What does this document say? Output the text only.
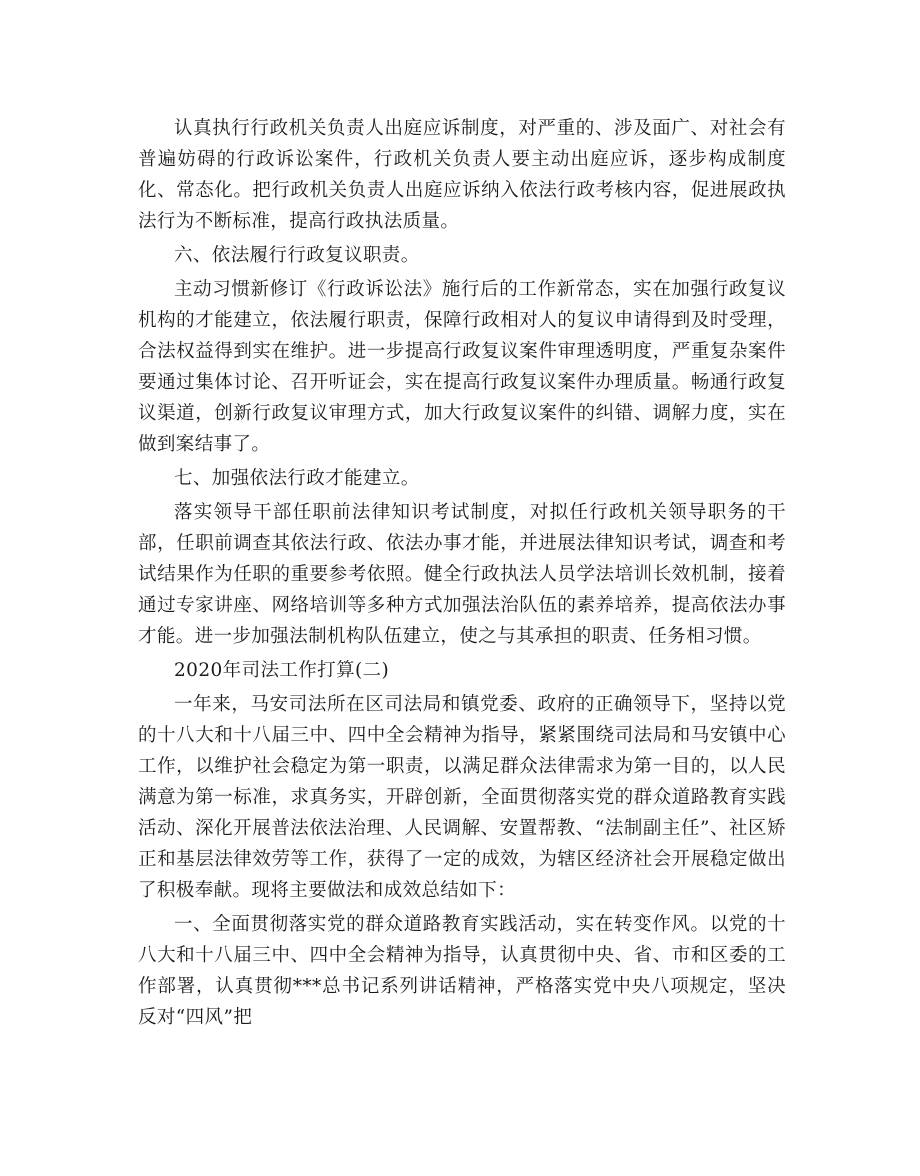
认真执行行政机关负责人出庭应诉制度，对严重的、涉及面广、对社会有普遍妨碍的行政诉讼案件，行政机关负责人要主动出庭应诉，逐步构成制度化、常态化。把行政机关负责人出庭应诉纳入依法行政考核内容，促进展政执法行为不断标准，提高行政执法质量。

六、依法履行行政复议职责。

主动习惯新修订《行政诉讼法》施行后的工作新常态，实在加强行政复议机构的才能建立，依法履行职责，保障行政相对人的复议申请得到及时受理，合法权益得到实在维护。进一步提高行政复议案件审理透明度，严重复杂案件要通过集体讨论、召开听证会，实在提高行政复议案件办理质量。畅通行政复议渠道，创新行政复议审理方式，加大行政复议案件的纠错、调解力度，实在做到案结事了。

七、加强依法行政才能建立。

落实领导干部任职前法律知识考试制度，对拟任行政机关领导职务的干部，任职前调查其依法行政、依法办事才能，并进展法律知识考试，调查和考试结果作为任职的重要参考依照。健全行政执法人员学法培训长效机制，接着通过专家讲座、网络培训等多种方式加强法治队伍的素养培养，提高依法办事才能。进一步加强法制机构队伍建立，使之与其承担的职责、任务相习惯。

2020年司法工作打算(二)

一年来，马安司法所在区司法局和镇党委、政府的正确领导下，坚持以党的十八大和十八届三中、四中全会精神为指导，紧紧围绕司法局和马安镇中心工作，以维护社会稳定为第一职责，以满足群众法律需求为第一目的，以人民满意为第一标准，求真务实，开辟创新，全面贯彻落实党的群众道路教育实践活动、深化开展普法依法治理、人民调解、安置帮教、“法制副主任”、社区矫正和基层法律效劳等工作，获得了一定的成效，为辖区经济社会开展稳定做出了积极奉献。现将主要做法和成效总结如下：

一、全面贯彻落实党的群众道路教育实践活动，实在转变作风。以党的十八大和十八届三中、四中全会精神为指导，认真贯彻中央、省、市和区委的工作部署，认真贯彻***总书记系列讲话精神，严格落实党中央八项规定，坚决反对“四风”把
